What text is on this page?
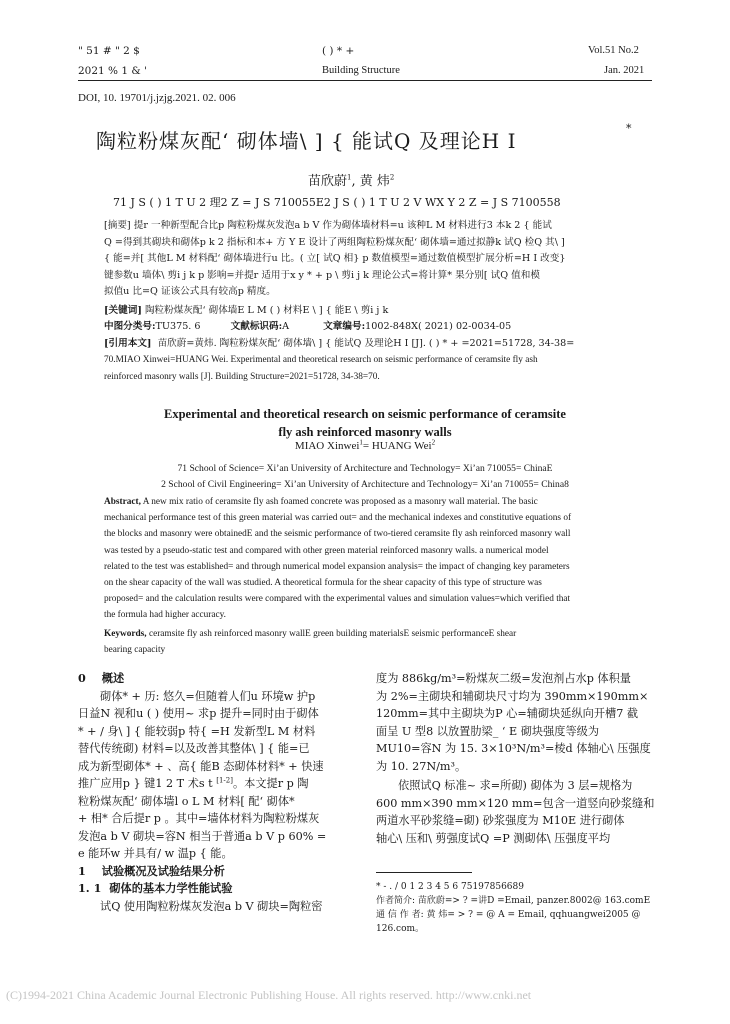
" 51 # " 2 $
2021 % 1 & '
( ) * +
Building Structure
Vol.51 No.2
Jan. 2021
DOI, 10. 19701/j.jzjg.2021. 02. 006
陶粒粉煤灰配‘ 砌体墙\ ] { 能试Q 及理论H I
*
苗欣蔚$^1$, 黄 炜$^2$
71 J S ( ) 1 T U 2 理2 Z = J S 710055E2 J S ( ) 1 T U 2 V WX Y 2 Z = J S 7100558
[摘要] 提r 一种新型配合比p 陶粒粉煤灰发泡a b V 作为砌体墙材料=u 该种L M 材料进行3 本k 2 { 能试
Q =得到其砌块和砌体p k 2 指标和本+ 方 Y E 设计了两组陶粒粉煤灰配‘ 砌体墙=通过拟静k 试Q 检Q 其\ ]
{ 能=并[ 其他L M 材料配‘ 砌体墙进行u 比。( 立[ 试Q 相} p 数值模型=通过数值模型扩展分析=H I 改变}
键参数u 墙体\ 剪i j k p 影响=并提r 适用于x y * + p \ 剪i j k 理论公式=将计算* 果分别[ 试Q 值和模
拟值u 比=Q 证该公式具有较高p 精度。
[关键词] 陶粒粉煤灰配‘ 砌体墙E L M ( ) 材料E \ ] { 能E \ 剪i j k
中图分类号:TU375. 6	文献标识码:A	文章编号:1002-848X( 2021) 02-0034-05
[引用本文] 苗欣蔚=黄炜. 陶粒粉煤灰配‘ 砌体墙\ ] { 能试Q 及理论H I [J]. ( ) * + =2021=51728, 34-38=
70.MIAO Xinwei=HUANG Wei. Experimental and theoretical research on seismic performance of ceramsite fly ash
reinforced masonry walls [J]. Building Structure=2021=51728, 34-38=70.
Experimental and theoretical research on seismic performance of ceramsite
fly ash reinforced masonry walls
MIAO Xinwei$^1$= HUANG Wei$^2$
71 School of Science= Xi’an University of Architecture and Technology= Xi’an 710055= ChinaE
2 School of Civil Engineering= Xi’an University of Architecture and Technology= Xi’an 710055= China8
Abstract, A new mix ratio of ceramsite fly ash foamed concrete was proposed as a masonry wall material. The basic
mechanical performance test of this green material was carried out= and the mechanical indexes and constitutive equations of
the blocks and masonry were obtainedE and the seismic performance of two-tiered ceramsite fly ash reinforced masonry wall
was tested by a pseudo-static test and compared with other green material reinforced masonry walls. a numerical model
related to the test was established= and through numerical model expansion analysis= the impact of changing key parameters
on the shear capacity of the wall was studied. A theoretical formula for the shear capacity of this type of structure was
proposed= and the calculation results were compared with the experimental values and simulation values=which verified that
the formula had higher accuracy.
Keywords, ceramsite fly ash reinforced masonry wallE green building materialsE seismic performanceE shear
bearing capacity
0 概述
砌体* + 历: 悠久=但随着人们u 环境w 护p
日益N 视和u ( ) 使用~ 求p 提升=同时由于砌体
* + / 身\ ] { 能较弱p 特{ =H 发新型L M 材料
替代传统砌) 材料=以及改善其整体\ ] { 能=已
成为新型砌体* + 、高{ 能B 态砌体材料* + 快速
推广应用p } 键1 2 T 术s t [1-2]。本文提r p 陶
粒粉煤灰配‘ 砌体墙l o L M 材料[ 配‘ 砌体*
+ 相* 合后提r p 。其中=墙体材料为陶粒粉煤灰
发泡a b V 砌块=容N 相当于普通a b V p 60% =
e 能环w 并具有/ w 温p { 能。
1 试验概况及试验结果分析
1. 1 砌体的基本力学性能试验
试Q 使用陶粒粉煤灰发泡a b V 砌块=陶粒密
度为 886kg/m³=粉煤灰二级=发泡剂占水p 体积量
为 2%=主砌块和辅砌块尺寸均为 390mm×190mm×
120mm=其中主砌块为P 心=辅砌块延纵向开槽7 截
面呈 U 型8 以放置肋梁_ ‘ E 砌块强度等级为
MU10=容N 为 15. 3×10³N/m³=棱d 体轴心\ 压强度
为 10. 27N/m³。
依照试Q 标准~ 求=所砌) 砌体为 3 层=规格为
600 mm×390 mm×120 mm=包含一道竖向砂浆缝和
两道水平砂浆缝=砌) 砂浆强度为 M10E 进行砌体
轴心\ 压和\ 剪强度试Q =P 测砌体\ 压强度平均
* - . / 0 1 2 3 4 5 6 75197856689
作者简介: 苗欣蔚=> ? =讲D =Email, panzer.8002@ 163.comE
通 信 作 者: 黄 炜= > ? = @ A = Email, qqhuangwei2005 @
126.com。
(C)1994-2021 China Academic Journal Electronic Publishing House. All rights reserved. http://www.cnki.net
